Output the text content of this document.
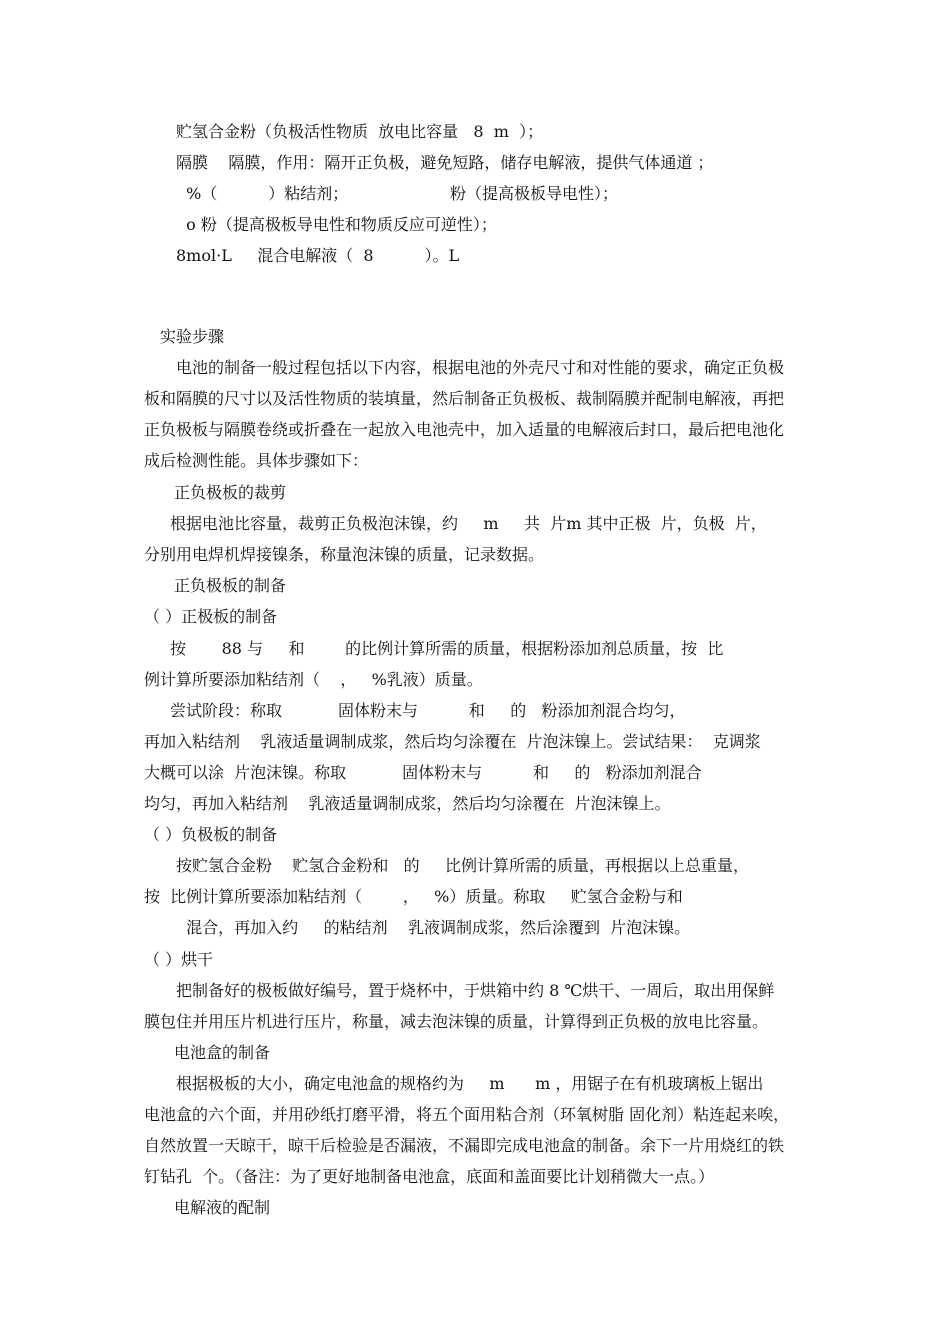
贮氢合金粉（负极活性物质  放电比容量   8  m  ）；
隔膜    隔膜，作用：隔开正负极，避免短路，储存电解液，提供气体通道 ；
%（          ）粘结剂；                    粉（提高极板导电性）；
o 粉（提高极板导电性和物质反应可逆性）；
8mol·L     混合电解液（  8          ）。L
实验步骤
电池的制备一般过程包括以下内容，根据电池的外壳尺寸和对性能的要求，确定正负极
板和隔膜的尺寸以及活性物质的装填量，然后制备正负极板、裁制隔膜并配制电解液，再把
正负极板与隔膜卷绕或折叠在一起放入电池壳中，加入适量的电解液后封口，最后把电池化
成后检测性能。具体步骤如下：
正负极板的裁剪
根据电池比容量，裁剪正负极泡沫镍，约     m     共  片m 其中正极  片，负极  片，
分别用电焊机焊接镍条，称量泡沫镍的质量，记录数据。
正负极板的制备
（ ）正极板的制备
按       88 与     和        的比例计算所需的质量，根据粉添加剂总质量，按  比
例计算所要添加粘结剂（    ，   %乳液）质量。
尝试阶段：称取           固体粉末与          和     的   粉添加剂混合均匀，
再加入粘结剂    乳液适量调制成浆，然后均匀涂覆在  片泡沫镍上。尝试结果：  克调浆
大概可以涂  片泡沫镍。称取           固体粉末与          和     的   粉添加剂混合
均匀，再加入粘结剂    乳液适量调制成浆，然后均匀涂覆在  片泡沫镍上。
（ ）负极板的制备
按贮氢合金粉    贮氢合金粉和   的     比例计算所需的质量，再根据以上总重量，
按  比例计算所要添加粘结剂（        ，   %）质量。称取     贮氢合金粉与和
混合，再加入约     的粘结剂    乳液调制成浆，然后涂覆到  片泡沫镍。
（ ）烘干
把制备好的极板做好编号，置于烧杯中，于烘箱中约 8 ℃烘干、一周后，取出用保鲜
膜包住并用压片机进行压片，称量，减去泡沫镍的质量，计算得到正负极的放电比容量。
电池盒的制备
根据极板的大小，确定电池盒的规格约为     m      m ，用锯子在有机玻璃板上锯出
电池盒的六个面，并用砂纸打磨平滑，将五个面用粘合剂（环氧树脂 固化剂）粘连起来唉，
自然放置一天晾干，晾干后检验是否漏液，不漏即完成电池盒的制备。余下一片用烧红的铁
钉钻孔  个。（备注：为了更好地制备电池盒，底面和盖面要比计划稍微大一点。）
电解液的配制
